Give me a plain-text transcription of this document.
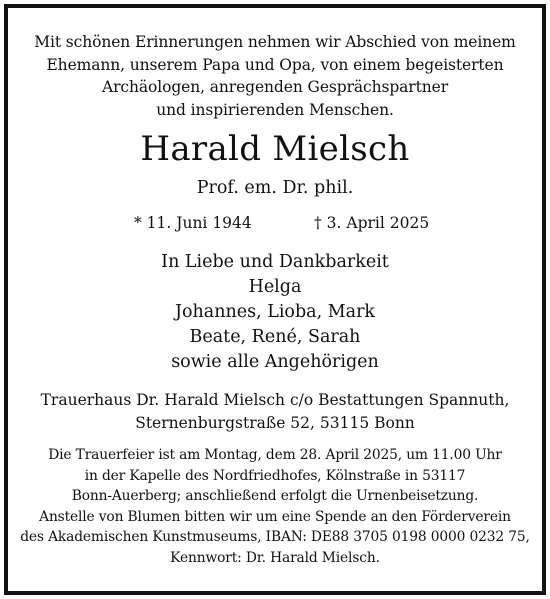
Mit schönen Erinnerungen nehmen wir Abschied von meinem
Ehemann, unserem Papa und Opa, von einem begeisterten
Archäologen, anregenden Gesprächspartner
und inspirierenden Menschen.
Harald Mielsch
Prof. em. Dr. phil.
* 11. Juni 1944	† 3. April 2025
In Liebe und Dankbarkeit
Helga
Johannes, Lioba, Mark
Beate, René, Sarah
sowie alle Angehörigen
Trauerhaus Dr. Harald Mielsch c/o Bestattungen Spannuth,
Sternenburgstraße 52, 53115 Bonn
Die Trauerfeier ist am Montag, dem 28. April 2025, um 11.00 Uhr
in der Kapelle des Nordfriedhofes, Kölnstraße in 53117
Bonn-Auerberg; anschließend erfolgt die Urnenbeisetzung.
Anstelle von Blumen bitten wir um eine Spende an den Förderverein
des Akademischen Kunstmuseums, IBAN: DE88 3705 0198 0000 0232 75,
Kennwort: Dr. Harald Mielsch.
